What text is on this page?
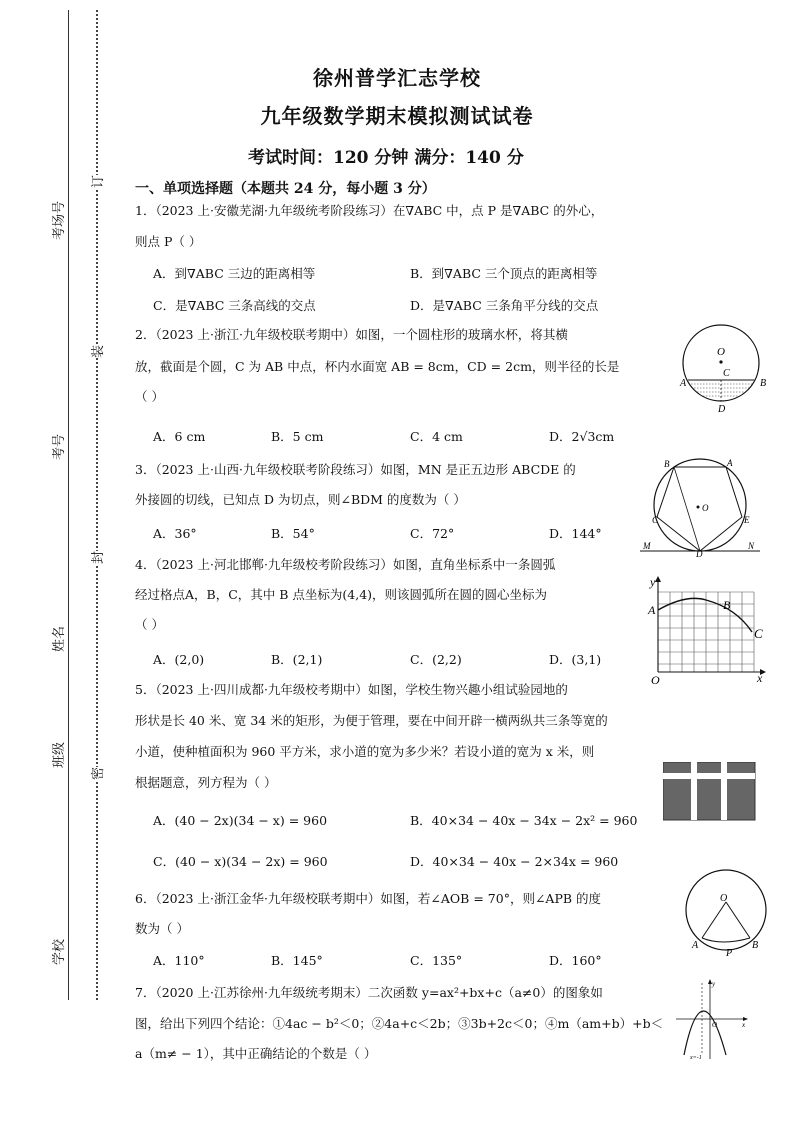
考场号
考号
姓名
班级
学校
订
装
封
密
徐州普学汇志学校
九年级数学期末模拟测试试卷
考试时间：120 分钟 满分：140 分
一、单项选择题（本题共 24 分，每小题 3 分）
1．（2023 上·安徽芜湖·九年级统考阶段练习）在∇ABC 中，点 P 是∇ABC 的外心，
则点 P（ ）
A．到∇ABC 三边的距离相等	B．到∇ABC 三个顶点的距离相等
C．是∇ABC 三条高线的交点	D．是∇ABC 三条角平分线的交点
2．（2023 上·浙江·九年级校联考期中）如图，一个圆柱形的玻璃水杯，将其横
放，截面是个圆，C 为 AB 中点，杯内水面宽 AB = 8cm，CD = 2cm，则半径的长是
（ ）
A．6 cm	B．5 cm	C．4 cm	D．2√3cm
O
C
A	B
D
3．（2023 上·山西·九年级校联考阶段练习）如图，MN 是正五边形 ABCDE 的
外接圆的切线，已知点 D 为切点，则∠BDM 的度数为（ ）
A．36°	B．54°	C．72°	D．144°
B	A
C	E
M
D
N
O
4．（2023 上·河北邯郸·九年级校考阶段练习）如图，直角坐标系中一条圆弧
经过格点A，B，C，其中 B 点坐标为(4,4)，则该圆弧所在圆的圆心坐标为
（ ）
A．(2,0)	B．(2,1)	C．(2,2)	D．(3,1)
y
A	B
C
O	x
5．（2023 上·四川成都·九年级校考期中）如图，学校生物兴趣小组试验园地的
形状是长 40 米、宽 34 米的矩形，为便于管理，要在中间开辟一横两纵共三条等宽的
小道，使种植面积为 960 平方米，求小道的宽为多少米？若设小道的宽为 x 米，则
根据题意，列方程为（ ）
A．(40 − 2x)(34 − x) = 960	B．40×34 − 40x − 34x − 2x² = 960
C．(40 − x)(34 − 2x) = 960	D．40×34 − 40x − 2×34x = 960
6．（2023 上·浙江金华·九年级校联考期中）如图，若∠AOB = 70°，则∠APB 的度
数为（ ）
A．110°	B．145°	C．135°	D．160°
O
A
P
B
7．（2020 上·江苏徐州·九年级统考期末）二次函数 y=ax²+bx+c（a≠0）的图象如
图，给出下列四个结论：①4ac − b²＜0；②4a+c＜2b；③3b+2c＜0；④m（am+b）+b＜
a（m≠ − 1），其中正确结论的个数是（ ）
y
O	x
x=-1
